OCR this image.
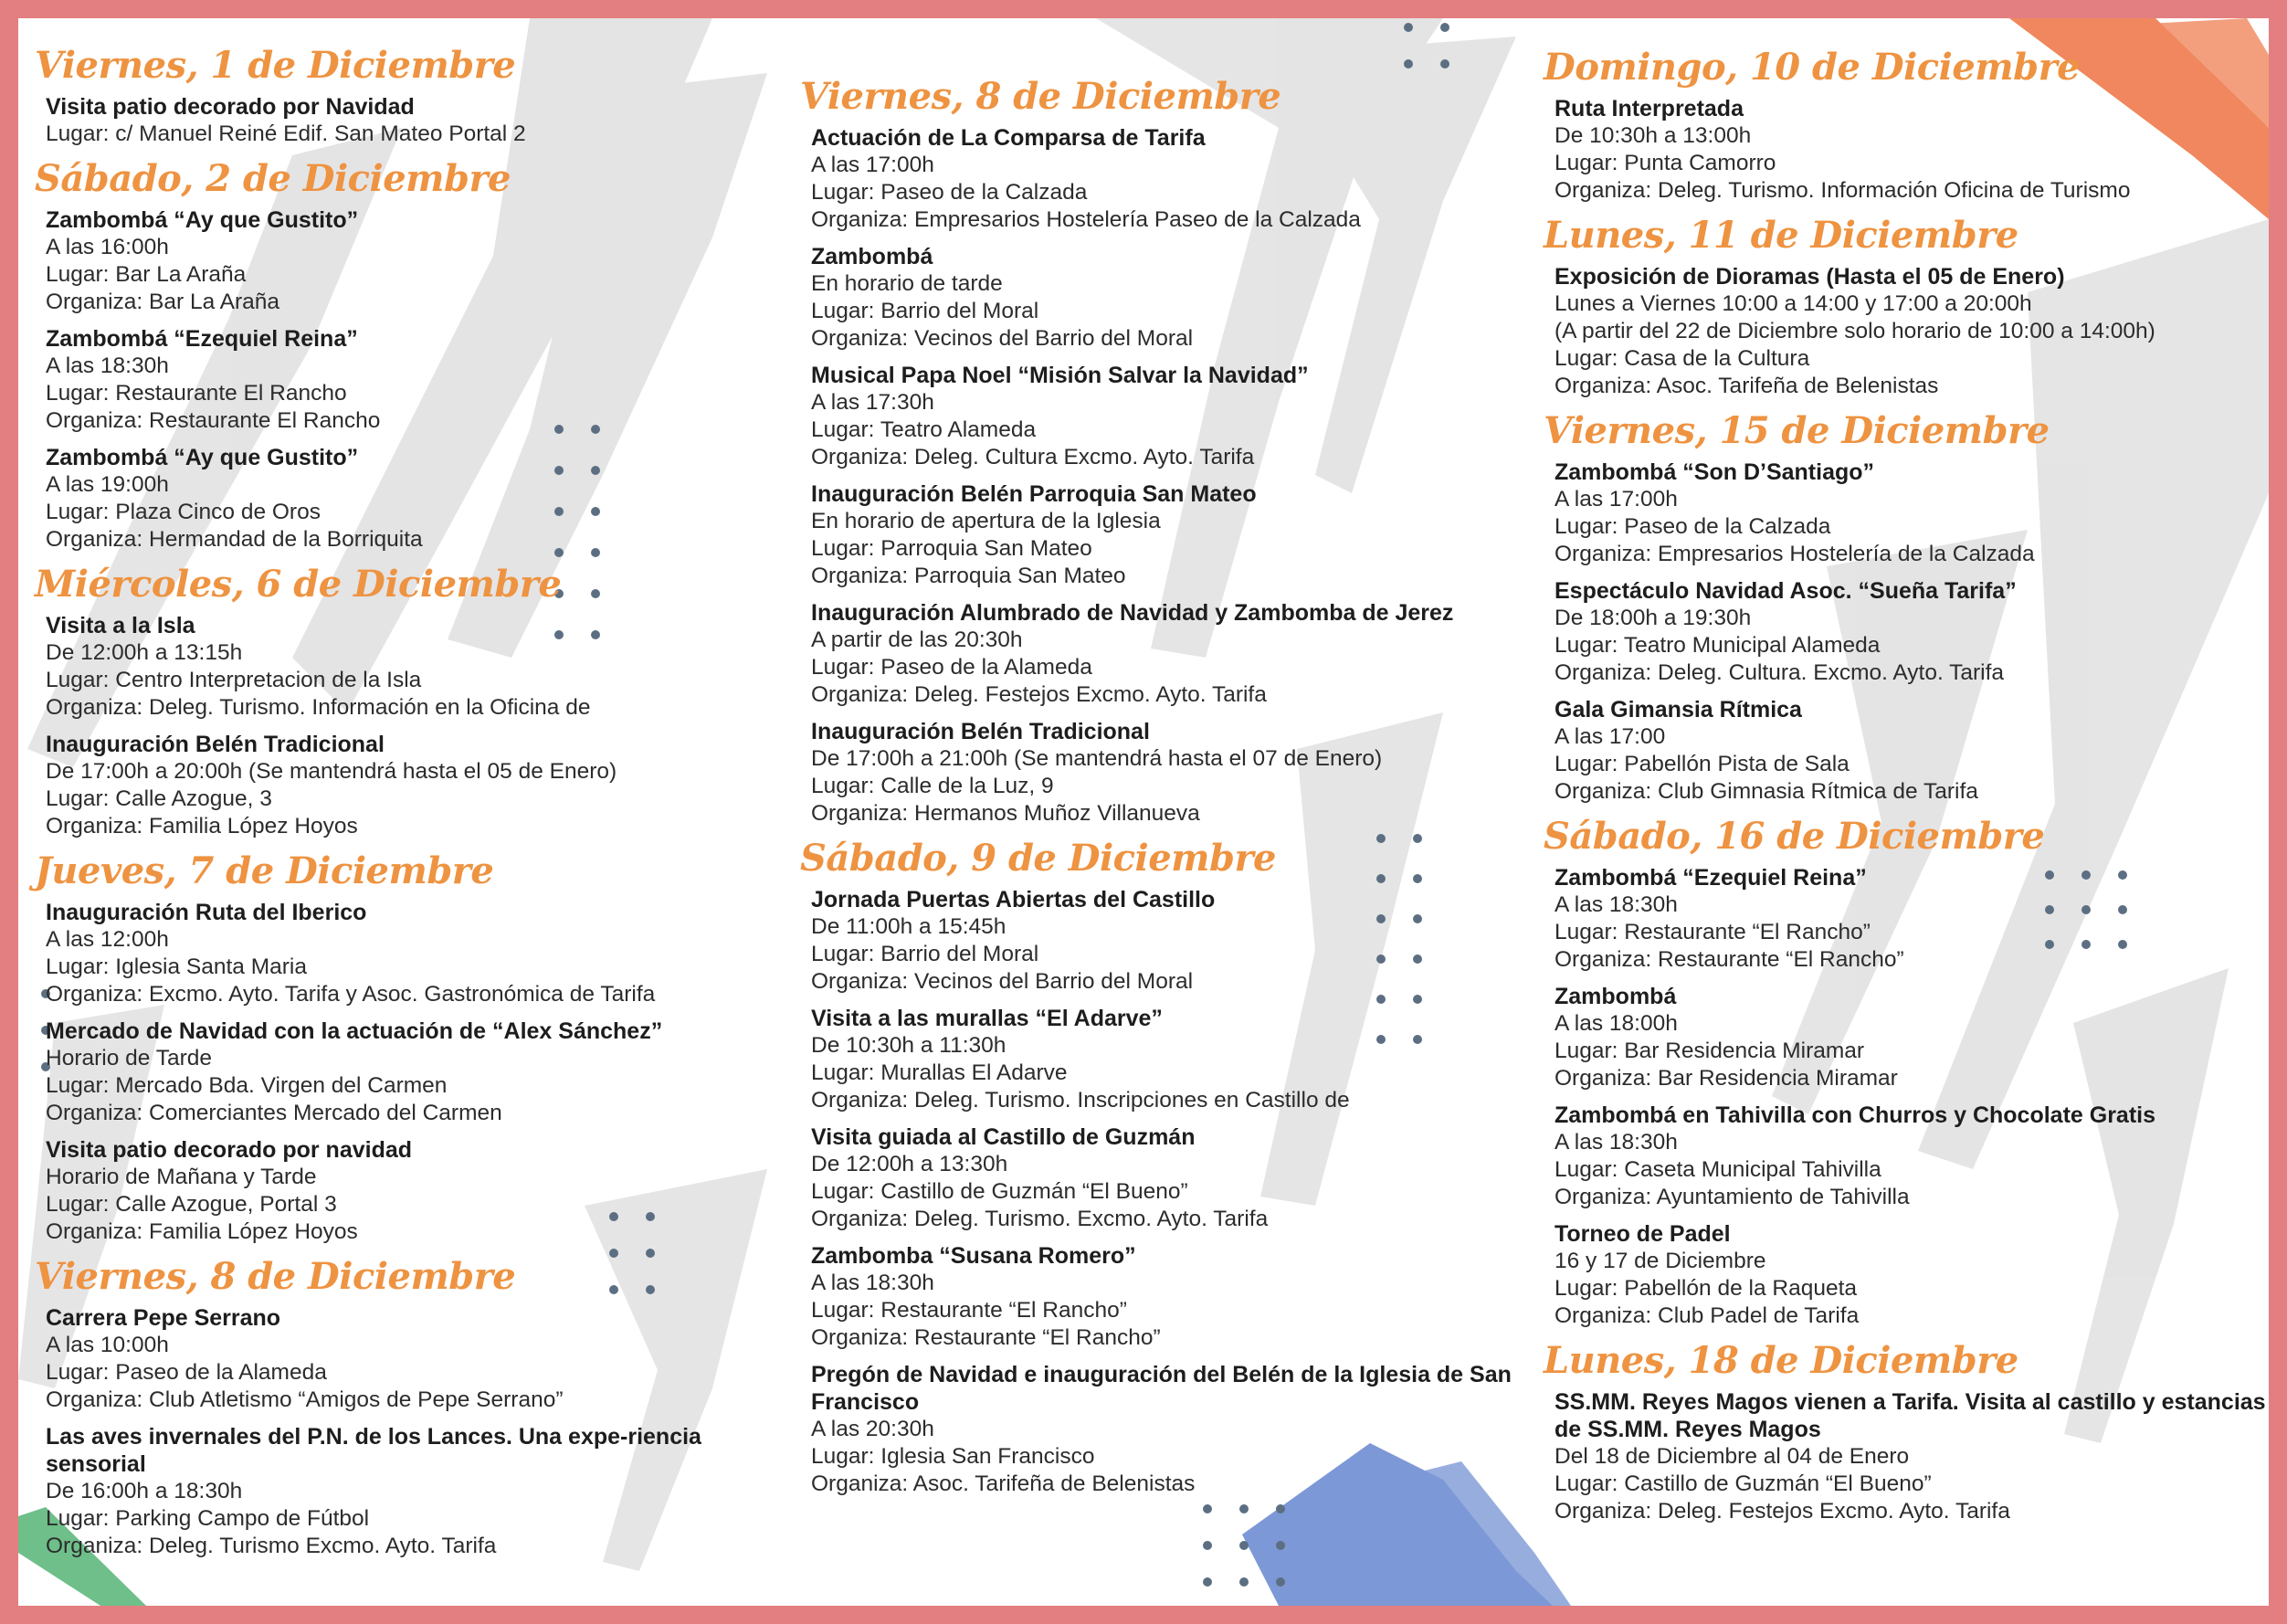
Viernes, 1 de Diciembre
Visita patio decorado por Navidad
Lugar: c/ Manuel Reiné Edif. San Mateo Portal 2
Sábado, 2 de Diciembre
Zambombá “Ay que Gustito”
A las 16:00h
Lugar: Bar La Araña
Organiza: Bar La Araña
Zambombá “Ezequiel Reina”
A las 18:30h
Lugar: Restaurante El Rancho
Organiza: Restaurante El Rancho
Zambombá “Ay que Gustito”
A las 19:00h
Lugar: Plaza Cinco de Oros
Organiza: Hermandad de la Borriquita
Miércoles, 6 de Diciembre
Visita a la Isla
De 12:00h a 13:15h
Lugar: Centro Interpretacion de la Isla
Organiza: Deleg. Turismo. Información en la Oficina de
Inauguración Belén Tradicional
De 17:00h a 20:00h (Se mantendrá hasta el 05 de Enero)
Lugar: Calle Azogue, 3
Organiza: Familia López Hoyos
Jueves, 7 de Diciembre
Inauguración Ruta del Iberico
A las 12:00h
Lugar: Iglesia Santa Maria
Organiza: Excmo. Ayto. Tarifa y Asoc. Gastronómica de Tarifa
Mercado de Navidad con la actuación de “Alex Sánchez”
Horario de Tarde
Lugar: Mercado Bda. Virgen del Carmen
Organiza: Comerciantes Mercado del Carmen
Visita patio decorado por navidad
Horario de Mañana y Tarde
Lugar: Calle Azogue, Portal 3
Organiza: Familia López Hoyos
Viernes, 8 de Diciembre
Carrera Pepe Serrano
A las 10:00h
Lugar: Paseo de la Alameda
Organiza: Club Atletismo “Amigos de Pepe Serrano”
Las aves invernales del P.N. de los Lances. Una expe-riencia sensorial
De 16:00h a 18:30h
Lugar: Parking Campo de Fútbol
Organiza: Deleg. Turismo Excmo. Ayto. Tarifa
Viernes, 8 de Diciembre
Actuación de La Comparsa de Tarifa
A las 17:00h
Lugar: Paseo de la Calzada
Organiza: Empresarios Hostelería Paseo de la Calzada
Zambombá
En horario de tarde
Lugar: Barrio del Moral
Organiza: Vecinos del Barrio del Moral
Musical Papa Noel “Misión Salvar la Navidad”
A las 17:30h
Lugar: Teatro Alameda
Organiza: Deleg. Cultura Excmo. Ayto. Tarifa
Inauguración Belén Parroquia San Mateo
En horario de apertura de la Iglesia
Lugar: Parroquia San Mateo
Organiza: Parroquia San Mateo
Inauguración Alumbrado de Navidad y Zambomba de Jerez
A partir de las 20:30h
Lugar: Paseo de la Alameda
Organiza: Deleg. Festejos Excmo. Ayto. Tarifa
Inauguración Belén Tradicional
De 17:00h a 21:00h (Se mantendrá hasta el 07 de Enero)
Lugar: Calle de la Luz, 9
Organiza: Hermanos Muñoz Villanueva
Sábado, 9 de Diciembre
Jornada Puertas Abiertas del Castillo
De 11:00h a 15:45h
Lugar: Barrio del Moral
Organiza: Vecinos del Barrio del Moral
Visita a las murallas “El Adarve”
De 10:30h a 11:30h
Lugar: Murallas El Adarve
Organiza: Deleg. Turismo. Inscripciones en Castillo de
Visita guiada al Castillo de Guzmán
De 12:00h a 13:30h
Lugar: Castillo de Guzmán “El Bueno”
Organiza: Deleg. Turismo. Excmo. Ayto. Tarifa
Zambomba “Susana Romero”
A las 18:30h
Lugar: Restaurante “El Rancho”
Organiza: Restaurante “El Rancho”
Pregón de Navidad e inauguración del Belén de la Iglesia de San Francisco
A las 20:30h
Lugar: Iglesia San Francisco
Organiza: Asoc. Tarifeña de Belenistas
Domingo, 10 de Diciembre
Ruta Interpretada
De 10:30h a 13:00h
Lugar: Punta Camorro
Organiza: Deleg. Turismo. Información Oficina de Turismo
Lunes, 11 de Diciembre
Exposición de Dioramas (Hasta el 05 de Enero)
Lunes a Viernes 10:00 a 14:00 y 17:00 a 20:00h
(A partir del 22 de Diciembre solo horario de 10:00 a 14:00h)
Lugar: Casa de la Cultura
Organiza: Asoc. Tarifeña de Belenistas
Viernes, 15 de Diciembre
Zambombá “Son D’Santiago”
A las 17:00h
Lugar: Paseo de la Calzada
Organiza: Empresarios Hostelería de la Calzada
Espectáculo Navidad Asoc. “Sueña Tarifa”
De 18:00h a 19:30h
Lugar: Teatro Municipal Alameda
Organiza: Deleg. Cultura. Excmo. Ayto. Tarifa
Gala Gimansia Rítmica
A las 17:00
Lugar: Pabellón Pista de Sala
Organiza: Club Gimnasia Rítmica de Tarifa
Sábado, 16 de Diciembre
Zambombá “Ezequiel Reina”
A las 18:30h
Lugar: Restaurante “El Rancho”
Organiza: Restaurante “El Rancho”
Zambombá
A las 18:00h
Lugar: Bar Residencia Miramar
Organiza: Bar Residencia Miramar
Zambombá en Tahivilla con Churros y Chocolate Gratis
A las 18:30h
Lugar: Caseta Municipal Tahivilla
Organiza: Ayuntamiento de Tahivilla
Torneo de Padel
16 y 17 de Diciembre
Lugar: Pabellón de la Raqueta
Organiza: Club Padel de Tarifa
Lunes, 18 de Diciembre
SS.MM. Reyes Magos vienen a Tarifa. Visita al castillo y estancias de SS.MM. Reyes Magos
Del 18 de Diciembre al 04 de Enero
Lugar: Castillo de Guzmán “El Bueno”
Organiza: Deleg. Festejos Excmo. Ayto. Tarifa
